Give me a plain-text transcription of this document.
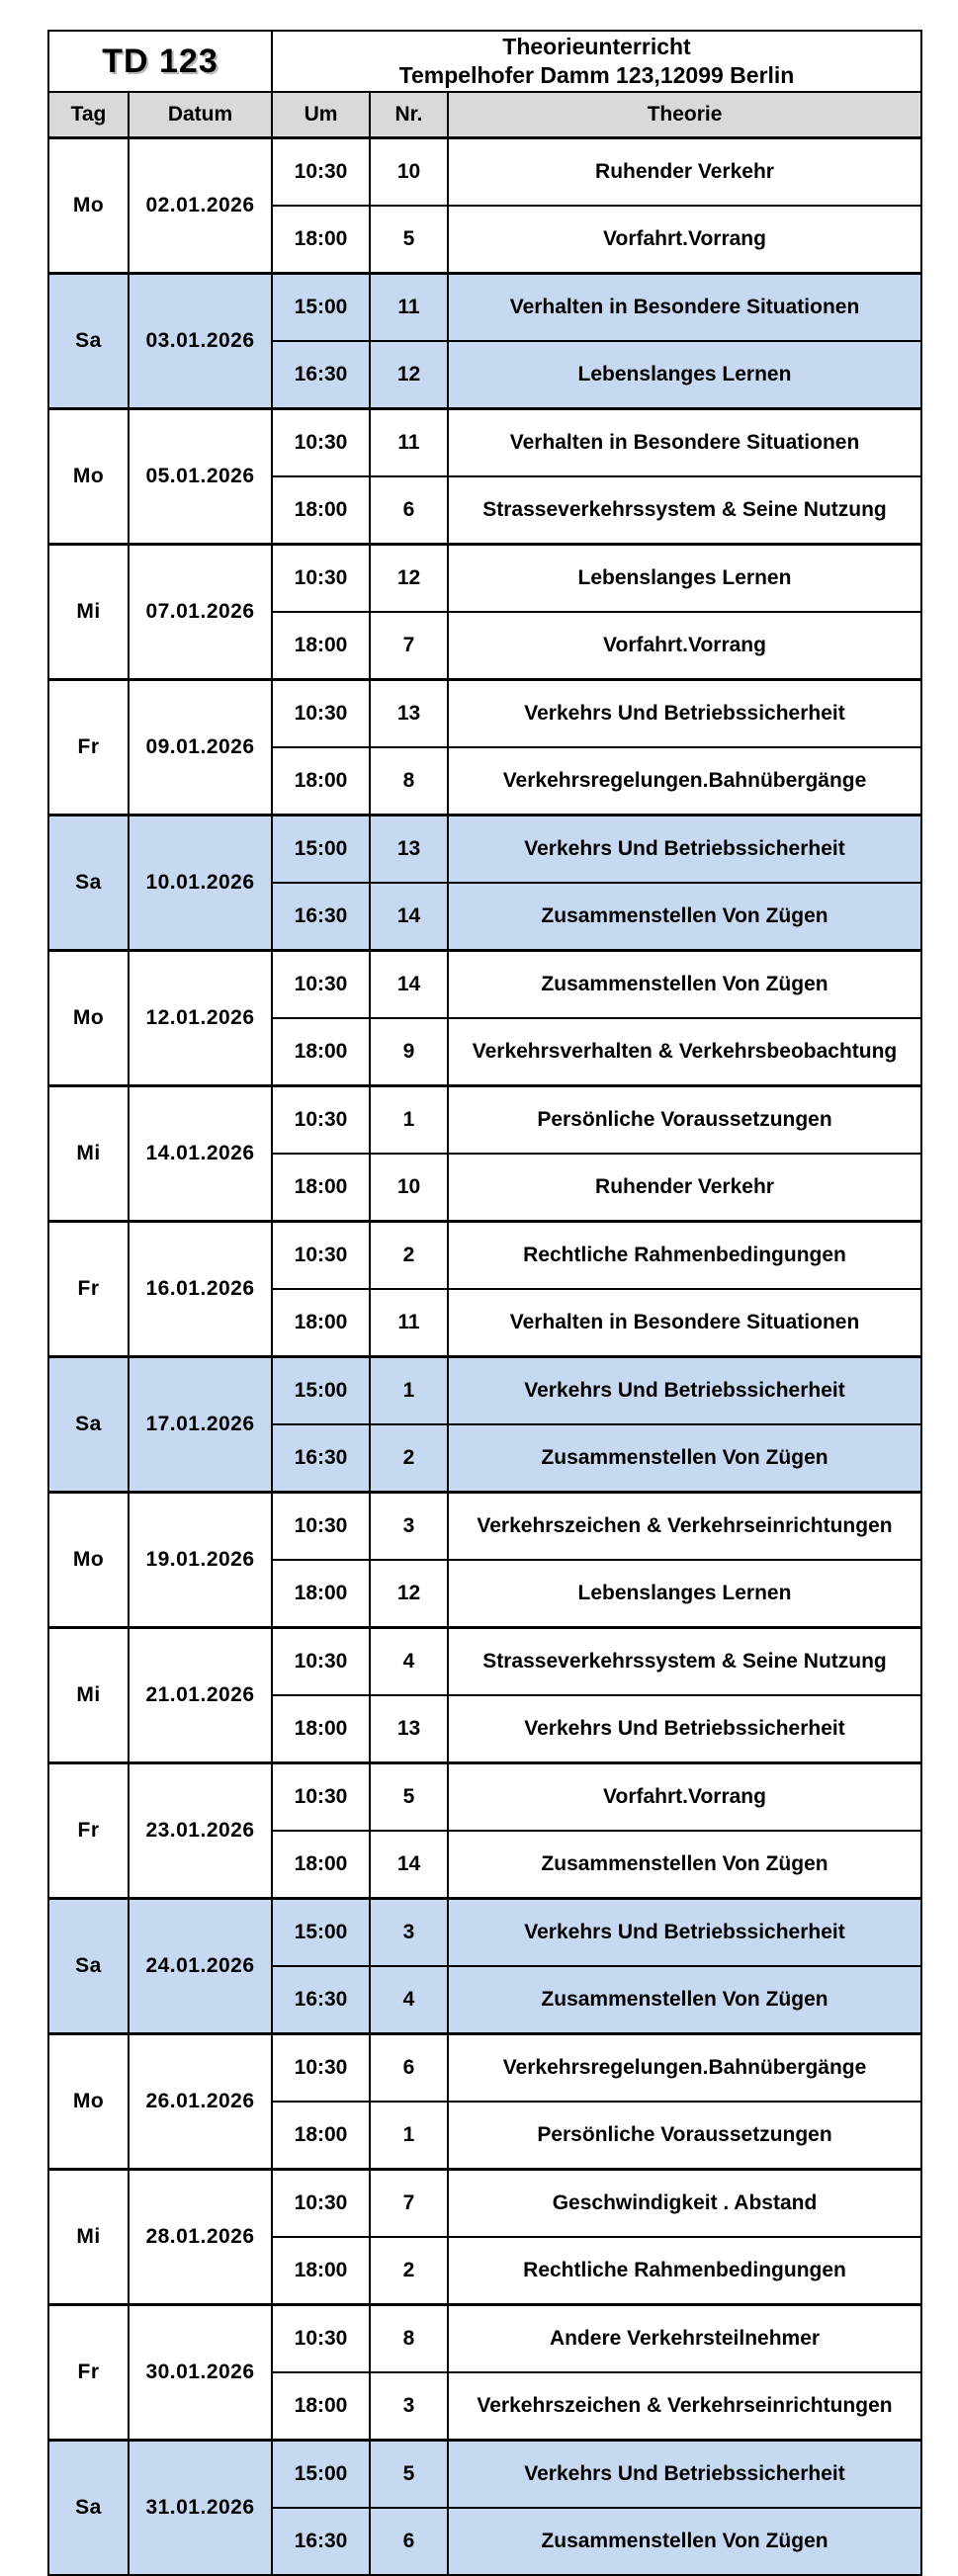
TD 123		Theorieunterricht
Tempelhofer Damm 123,12099 Berlin		

Tag	Datum	Um	Nr.	Theorie
Mo	02.01.2026	10:30	10	Ruhender Verkehr
		18:00	5	Vorfahrt.Vorrang
Sa	03.01.2026	15:00	11	Verhalten in Besondere Situationen
		16:30	12	Lebenslanges Lernen
Mo	05.01.2026	10:30	11	Verhalten in Besondere Situationen
		18:00	6	Strasseverkehrssystem & Seine Nutzung
Mi	07.01.2026	10:30	12	Lebenslanges Lernen
		18:00	7	Vorfahrt.Vorrang
Fr	09.01.2026	10:30	13	Verkehrs Und Betriebssicherheit
		18:00	8	Verkehrsregelungen.Bahnübergänge
Sa	10.01.2026	15:00	13	Verkehrs Und Betriebssicherheit
		16:30	14	Zusammenstellen Von Zügen
Mo	12.01.2026	10:30	14	Zusammenstellen Von Zügen
		18:00	9	Verkehrsverhalten & Verkehrsbeobachtung
Mi	14.01.2026	10:30	1	Persönliche Voraussetzungen
		18:00	10	Ruhender Verkehr
Fr	16.01.2026	10:30	2	Rechtliche Rahmenbedingungen
		18:00	11	Verhalten in Besondere Situationen
Sa	17.01.2026	15:00	1	Verkehrs Und Betriebssicherheit
		16:30	2	Zusammenstellen Von Zügen
Mo	19.01.2026	10:30	3	Verkehrszeichen & Verkehrseinrichtungen
		18:00	12	Lebenslanges Lernen
Mi	21.01.2026	10:30	4	Strasseverkehrssystem & Seine Nutzung
		18:00	13	Verkehrs Und Betriebssicherheit
Fr	23.01.2026	10:30	5	Vorfahrt.Vorrang
		18:00	14	Zusammenstellen Von Zügen
Sa	24.01.2026	15:00	3	Verkehrs Und Betriebssicherheit
		16:30	4	Zusammenstellen Von Zügen
Mo	26.01.2026	10:30	6	Verkehrsregelungen.Bahnübergänge
		18:00	1	Persönliche Voraussetzungen
Mi	28.01.2026	10:30	7	Geschwindigkeit . Abstand
		18:00	2	Rechtliche Rahmenbedingungen
Fr	30.01.2026	10:30	8	Andere Verkehrsteilnehmer
		18:00	3	Verkehrszeichen & Verkehrseinrichtungen
Sa	31.01.2026	15:00	5	Verkehrs Und Betriebssicherheit
		16:30	6	Zusammenstellen Von Zügen
